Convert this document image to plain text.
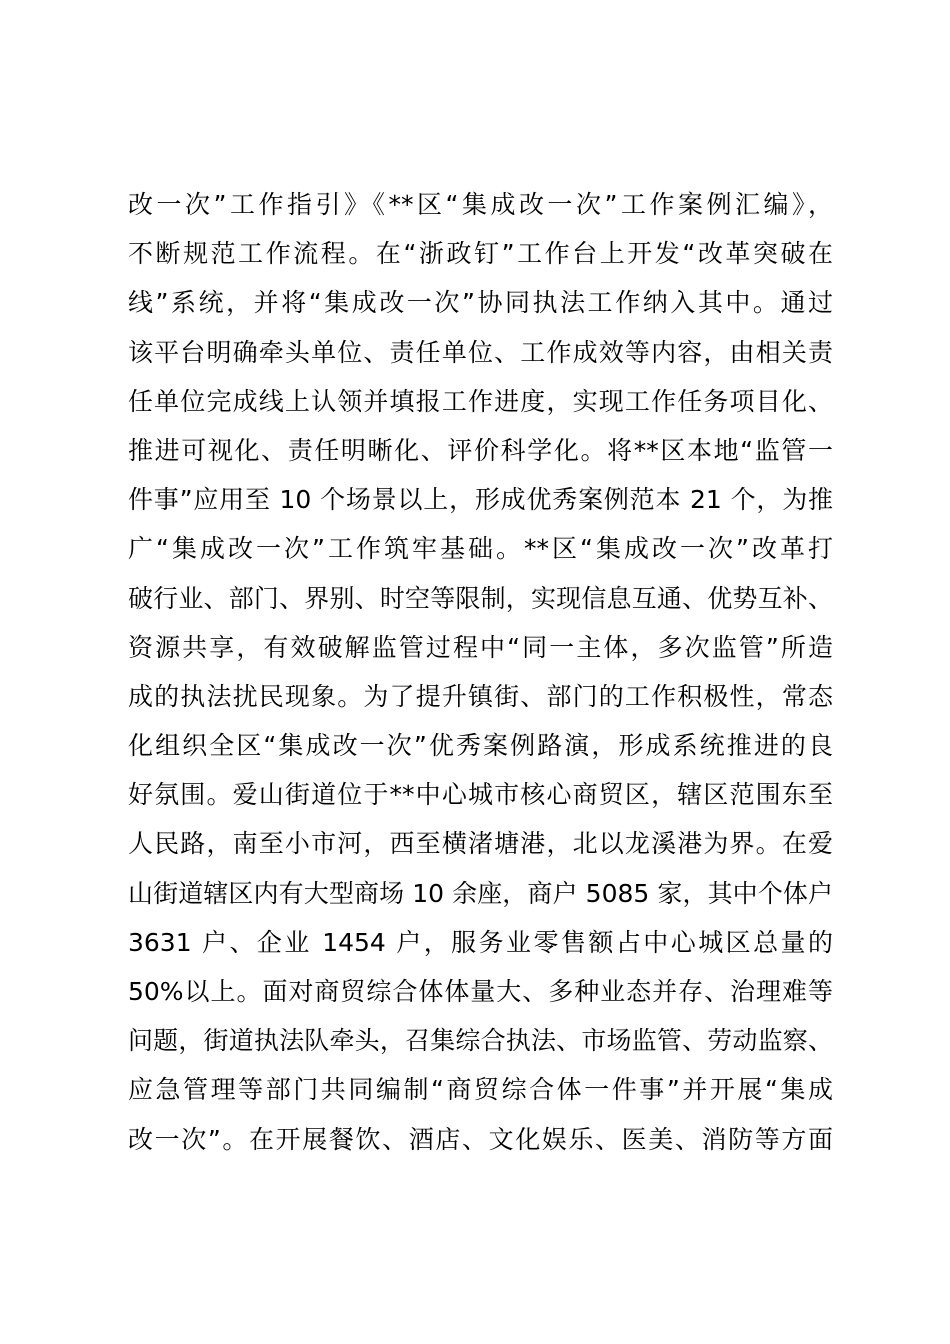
改一次”工作指引》《**区“集成改一次”工作案例汇编》，
不断规范工作流程。在“浙政钉”工作台上开发“改革突破在
线”系统，并将“集成改一次”协同执法工作纳入其中。通过
该平台明确牵头单位、责任单位、工作成效等内容，由相关责
任单位完成线上认领并填报工作进度，实现工作任务项目化、
推进可视化、责任明晰化、评价科学化。将**区本地“监管一
件事”应用至 10 个场景以上，形成优秀案例范本 21 个，为推
广“集成改一次”工作筑牢基础。**区“集成改一次”改革打
破行业、部门、界别、时空等限制，实现信息互通、优势互补、
资源共享，有效破解监管过程中“同一主体，多次监管”所造
成的执法扰民现象。为了提升镇街、部门的工作积极性，常态
化组织全区“集成改一次”优秀案例路演，形成系统推进的良
好氛围。爱山街道位于**中心城市核心商贸区，辖区范围东至
人民路，南至小市河，西至横渚塘港，北以龙溪港为界。在爱
山街道辖区内有大型商场 10 余座，商户 5085 家，其中个体户
3631 户、企业 1454 户，服务业零售额占中心城区总量的
50%以上。面对商贸综合体体量大、多种业态并存、治理难等
问题，街道执法队牵头，召集综合执法、市场监管、劳动监察、
应急管理等部门共同编制“商贸综合体一件事”并开展“集成
改一次”。在开展餐饮、酒店、文化娱乐、医美、消防等方面
